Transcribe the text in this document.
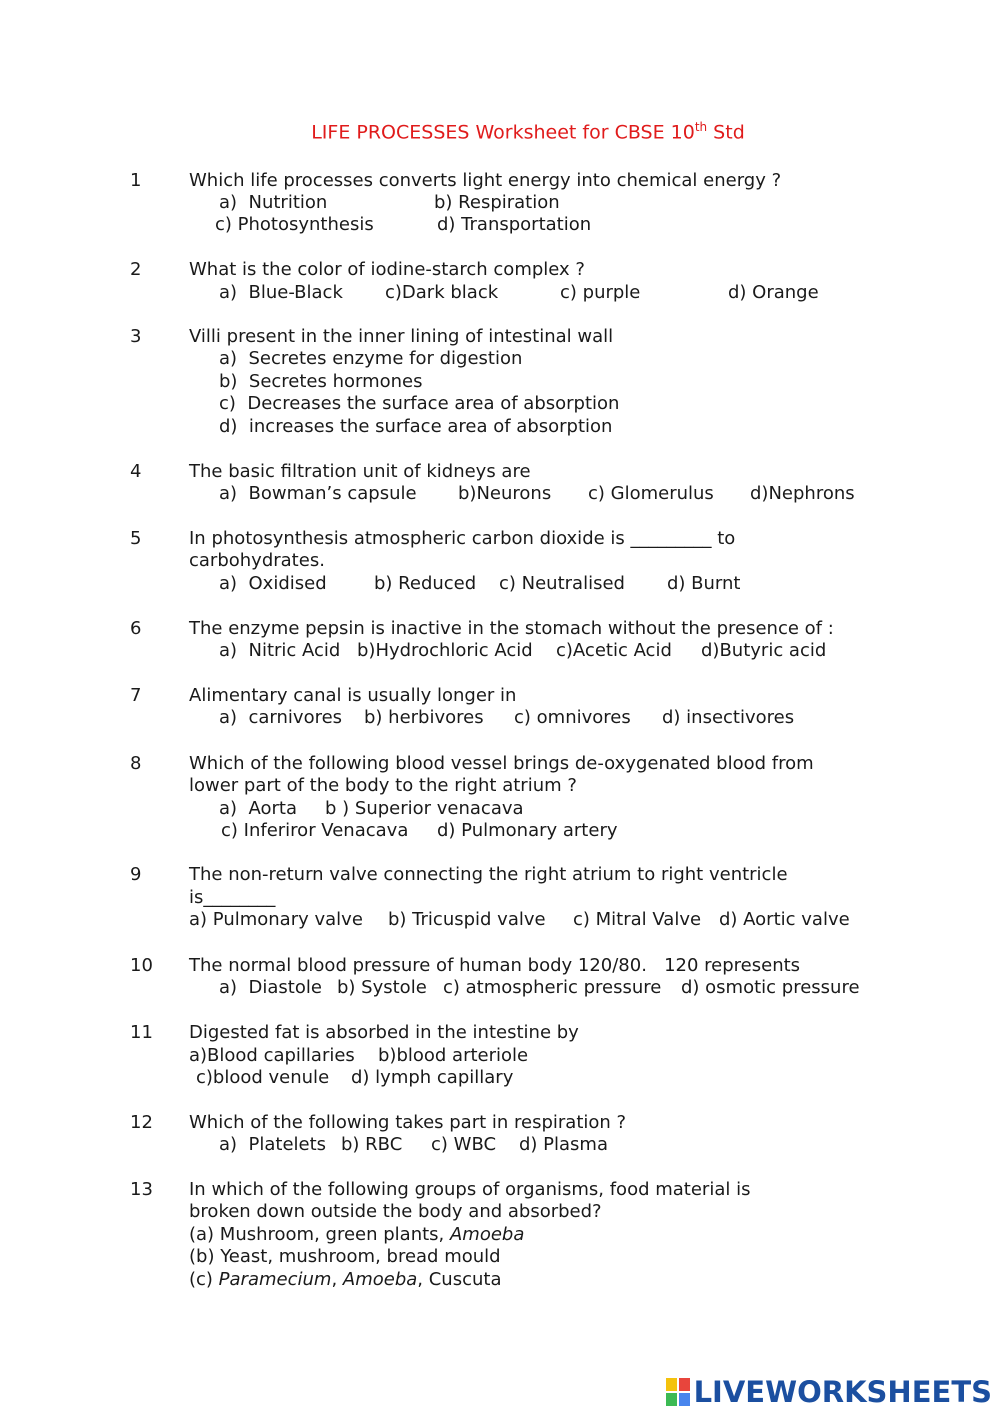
LIFE PROCESSES Worksheet for CBSE 10th Std
1	Which life processes converts light energy into chemical energy ?
a)  Nutrition	b) Respiration
c) Photosynthesis	d) Transportation
2	What is the color of iodine-starch complex ?
a)  Blue-Black c)Dark black	c) purple	d) Orange
3	Villi present in the inner lining of intestinal wall
a)  Secretes enzyme for digestion
b)  Secretes hormones
c)  Decreases the surface area of absorption
d)  increases the surface area of absorption
4	The basic filtration unit of kidneys are
a)  Bowman’s capsule b)Neurons c) Glomerulus d)Nephrons
5	In photosynthesis atmospheric carbon dioxide is _________ to
carbohydrates.
a)  Oxidised	b) Reduced c) Neutralised d) Burnt
6	The enzyme pepsin is inactive in the stomach without the presence of :
a)  Nitric Acid b)Hydrochloric Acid c)Acetic Acid d)Butyric acid
7	Alimentary canal is usually longer in
a)  carnivores b) herbivores c) omnivores d) insectivores
8	Which of the following blood vessel brings de-oxygenated blood from
lower part of the body to the right atrium ?
a)  Aorta b ) Superior venacava
c) Inferiror Venacava d) Pulmonary artery
9	The non-return valve connecting the right atrium to right ventricle
is________
a) Pulmonary valve b) Tricuspid valve c) Mitral Valve d) Aortic valve
10 The normal blood pressure of human body 120/80.   120 represents
a)  Diastole b) Systole c) atmospheric pressure d) osmotic pressure
11 Digested fat is absorbed in the intestine by
a)Blood capillaries b)blood arteriole
c)blood venule d) lymph capillary
12 Which of the following takes part in respiration ?
a)  Platelets b) RBC c) WBC d) Plasma
13 In which of the following groups of organisms, food material is
broken down outside the body and absorbed?
(a) Mushroom, green plants, Amoeba
(b) Yeast, mushroom, bread mould
(c) Paramecium, Amoeba, Cuscuta
LIVEWORKSHEETS
